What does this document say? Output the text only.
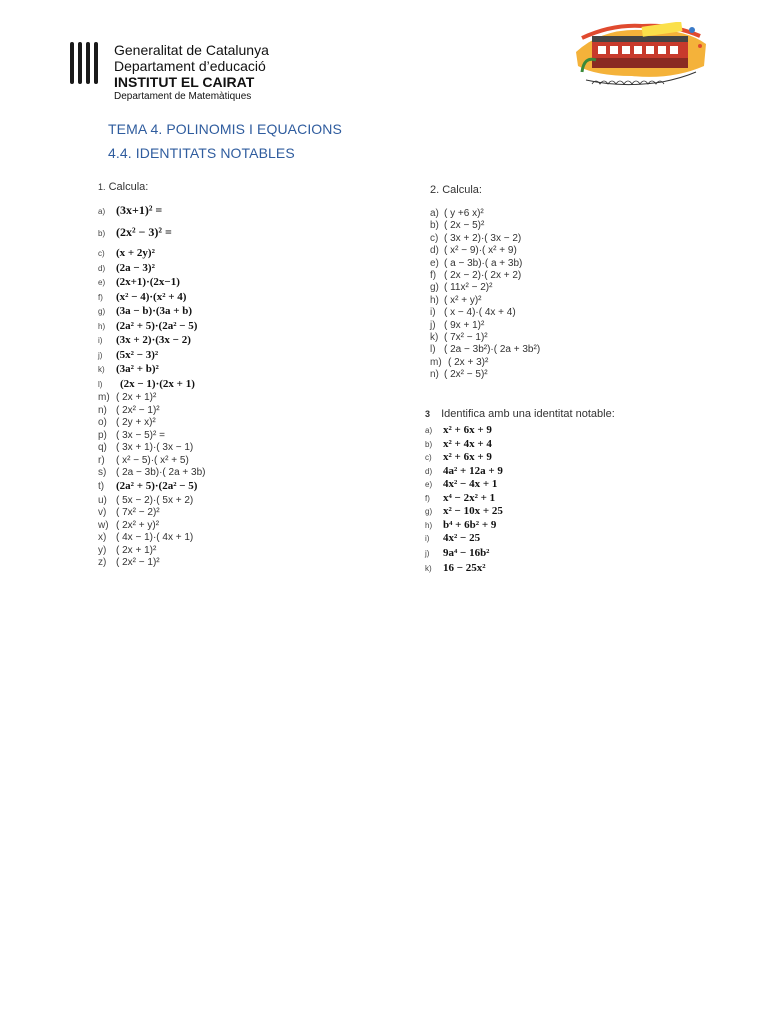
Generalitat de Catalunya
Departament d’educació
INSTITUT EL CAIRAT
Departament de Matemàtiques
TEMA 4. POLINOMIS I EQUACIONS
4.4. IDENTITATS NOTABLES
1. Calcula:
a) (3x+1)² =
b) (2x² − 3)² =
c)	(x + 2y)²
d) (2a − 3)²
e) (2x+1)·(2x−1)
f)	(x² − 4)·(x² + 4)
g) (3a − b)·(3a + b)
h) (2a² + 5)·(2a² − 5)
i)	(3x + 2)·(3x − 2)
j)	(5x² − 3)²
k)	(3a² + b)²
l)	(2x − 1)·(2x + 1)
m) ( 2x + 1)²
n) ( 2x² − 1)²
o) ( 2y + x)²
p) ( 3x − 5)² =
q) ( 3x + 1)·( 3x − 1)
r)	( x² − 5)·( x² + 5)
s) ( 2a − 3b)·( 2a + 3b)
t)	(2a² + 5)·(2a² − 5)
u) ( 5x − 2)·( 5x + 2)
v) ( 7x² − 2)²
w) ( 2x² + y)²
x) ( 4x − 1)·( 4x + 1)
y) ( 2x + 1)²
z) ( 2x² − 1)²
2. Calcula:
a) ( y +6 x)²
b) ( 2x − 5)²
c) ( 3x + 2)·( 3x − 2)
d) ( x² − 9)·( x² + 9)
e) ( a − 3b)·( a + 3b)
f) ( 2x − 2)·( 2x + 2)
g) ( 11x² − 2)²
h) ( x² + y)²
i) ( x − 4)·( 4x + 4)
j) ( 9x + 1)²
k) ( 7x² − 1)²
l) ( 2a − 3b²)·( 2a + 3b²)
m) ( 2x + 3)²
n) ( 2x² − 5)²
3 Identifica amb una identitat notable:
a) x² + 6x + 9
b) x² + 4x + 4
c)	x² + 6x + 9
d) 4a² + 12a + 9
e) 4x² − 4x + 1
f)	x⁴ − 2x² + 1
g) x² − 10x + 25
h) b⁴ + 6b² + 9
i)	4x² − 25
j)	9a⁴ − 16b²
k)	16 − 25x²
